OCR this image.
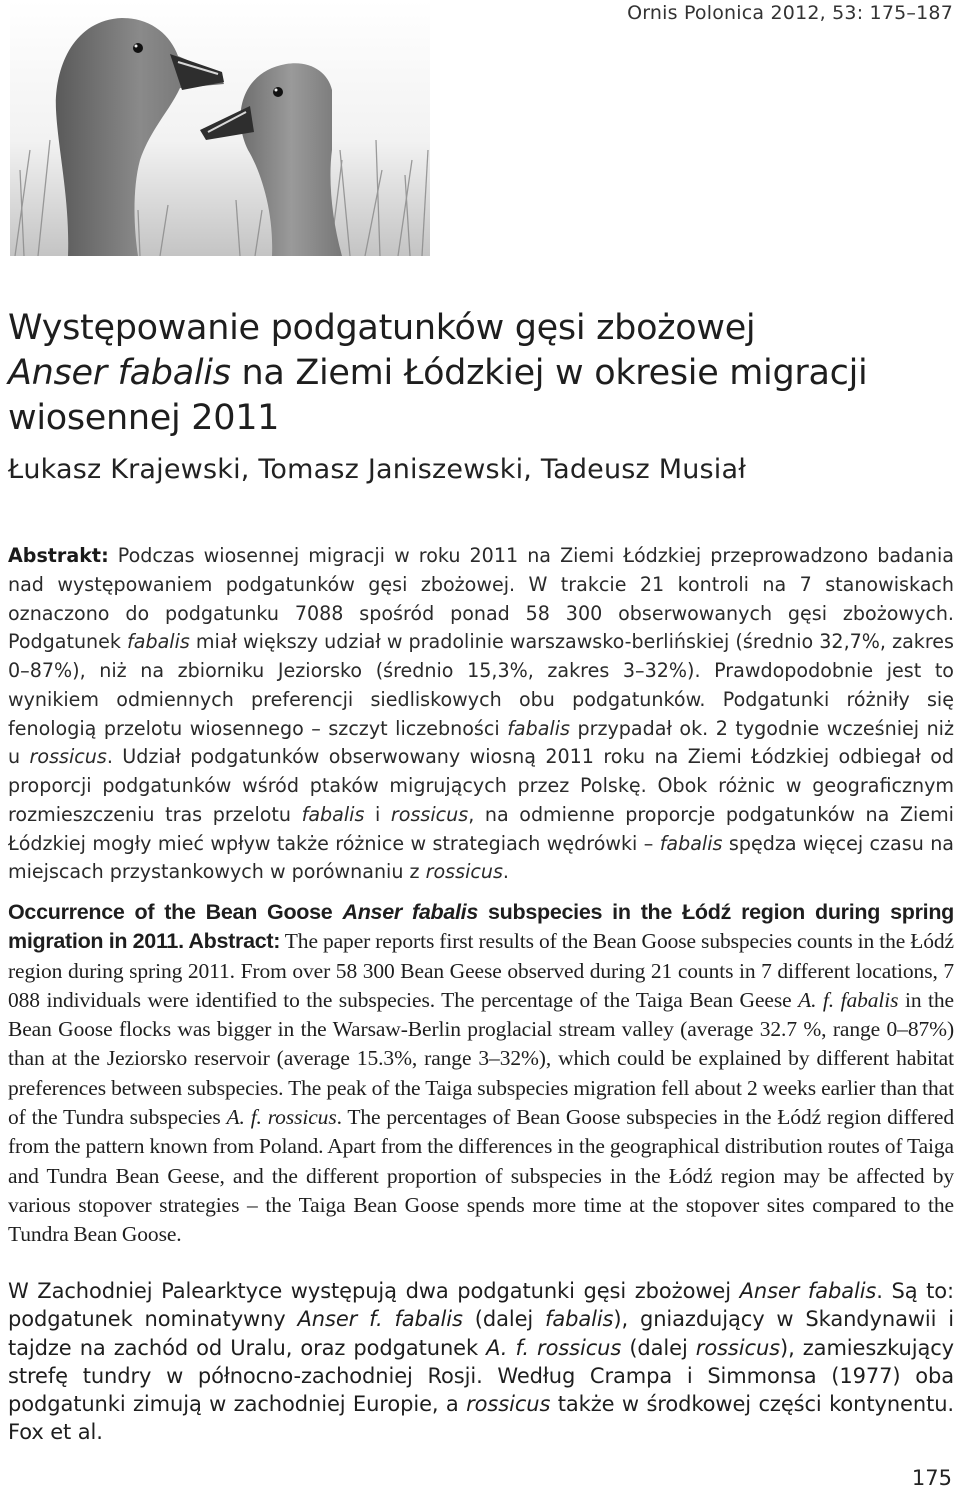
Ornis Polonica 2012, 53: 175–187
Występowanie podgatunków gęsi zbożowej
Anser fabalis na Ziemi Łódzkiej w okresie migracji
wiosennej 2011

Łukasz Krajewski, Tomasz Janiszewski, Tadeusz Musiał

Abstrakt: Podczas wiosennej migracji w roku 2011 na Ziemi Łódzkiej przeprowadzono badania nad występowaniem podgatunków gęsi zbożowej. W trakcie 21 kontroli na 7 stanowiskach oznaczono do podgatunku 7088 spośród ponad 58 300 obserwowanych gęsi zbożowych. Podgatunek fabalis miał większy udział w pradolinie warszawsko-berlińskiej (średnio 32,7%, zakres 0–87%), niż na zbiorniku Jeziorsko (średnio 15,3%, zakres 3–32%). Prawdopodobnie jest to wynikiem odmiennych preferencji siedliskowych obu podgatunków. Podgatunki różniły się fenologią przelotu wiosennego – szczyt liczebności fabalis przypadał ok. 2 tygodnie wcześniej niż u rossicus. Udział podgatunków obserwowany wiosną 2011 roku na Ziemi Łódzkiej odbiegał od proporcji podgatunków wśród ptaków migrujących przez Polskę. Obok różnic w geograficznym rozmieszczeniu tras przelotu fabalis i rossicus, na odmienne proporcje podgatunków na Ziemi Łódzkiej mogły mieć wpływ także różnice w strategiach wędrówki – fabalis spędza więcej czasu na miejscach przystankowych w porównaniu z rossicus.

Occurrence of the Bean Goose Anser fabalis subspecies in the Łódź region during spring migration in 2011. Abstract: The paper reports first results of the Bean Goose subspecies counts in the Łódź region during spring 2011. From over 58 300 Bean Geese observed during 21 counts in 7 different locations, 7 088 individuals were identified to the subspecies. The percentage of the Taiga Bean Geese A. f. fabalis in the Bean Goose flocks was bigger in the Warsaw-Berlin proglacial stream valley (average 32.7 %, range 0–87%) than at the Jeziorsko reservoir (average 15.3%, range 3–32%), which could be explained by different habitat preferences between subspecies. The peak of the Taiga subspecies migration fell about 2 weeks earlier than that of the Tundra subspecies A. f. rossicus. The percentages of Bean Goose subspecies in the Łódź region differed from the pattern known from Poland. Apart from the differences in the geographical distribution routes of Taiga and Tundra Bean Geese, and the different proportion of subspecies in the Łódź region may be affected by various stopover strategies – the Taiga Bean Goose spends more time at the stopover sites compared to the Tundra Bean Goose.

W Zachodniej Palearktyce występują dwa podgatunki gęsi zbożowej Anser fabalis. Są to: podgatunek nominatywny Anser f. fabalis (dalej fabalis), gniazdujący w Skandynawii i tajdze na zachód od Uralu, oraz podgatunek A. f. rossicus (dalej rossicus), zamieszkujący strefę tundry w północno-zachodniej Rosji. Według Crampa i Simmonsa (1977) oba podgatunki zimują w zachodniej Europie, a rossicus także w środkowej części kontynentu. Fox et al.

175
